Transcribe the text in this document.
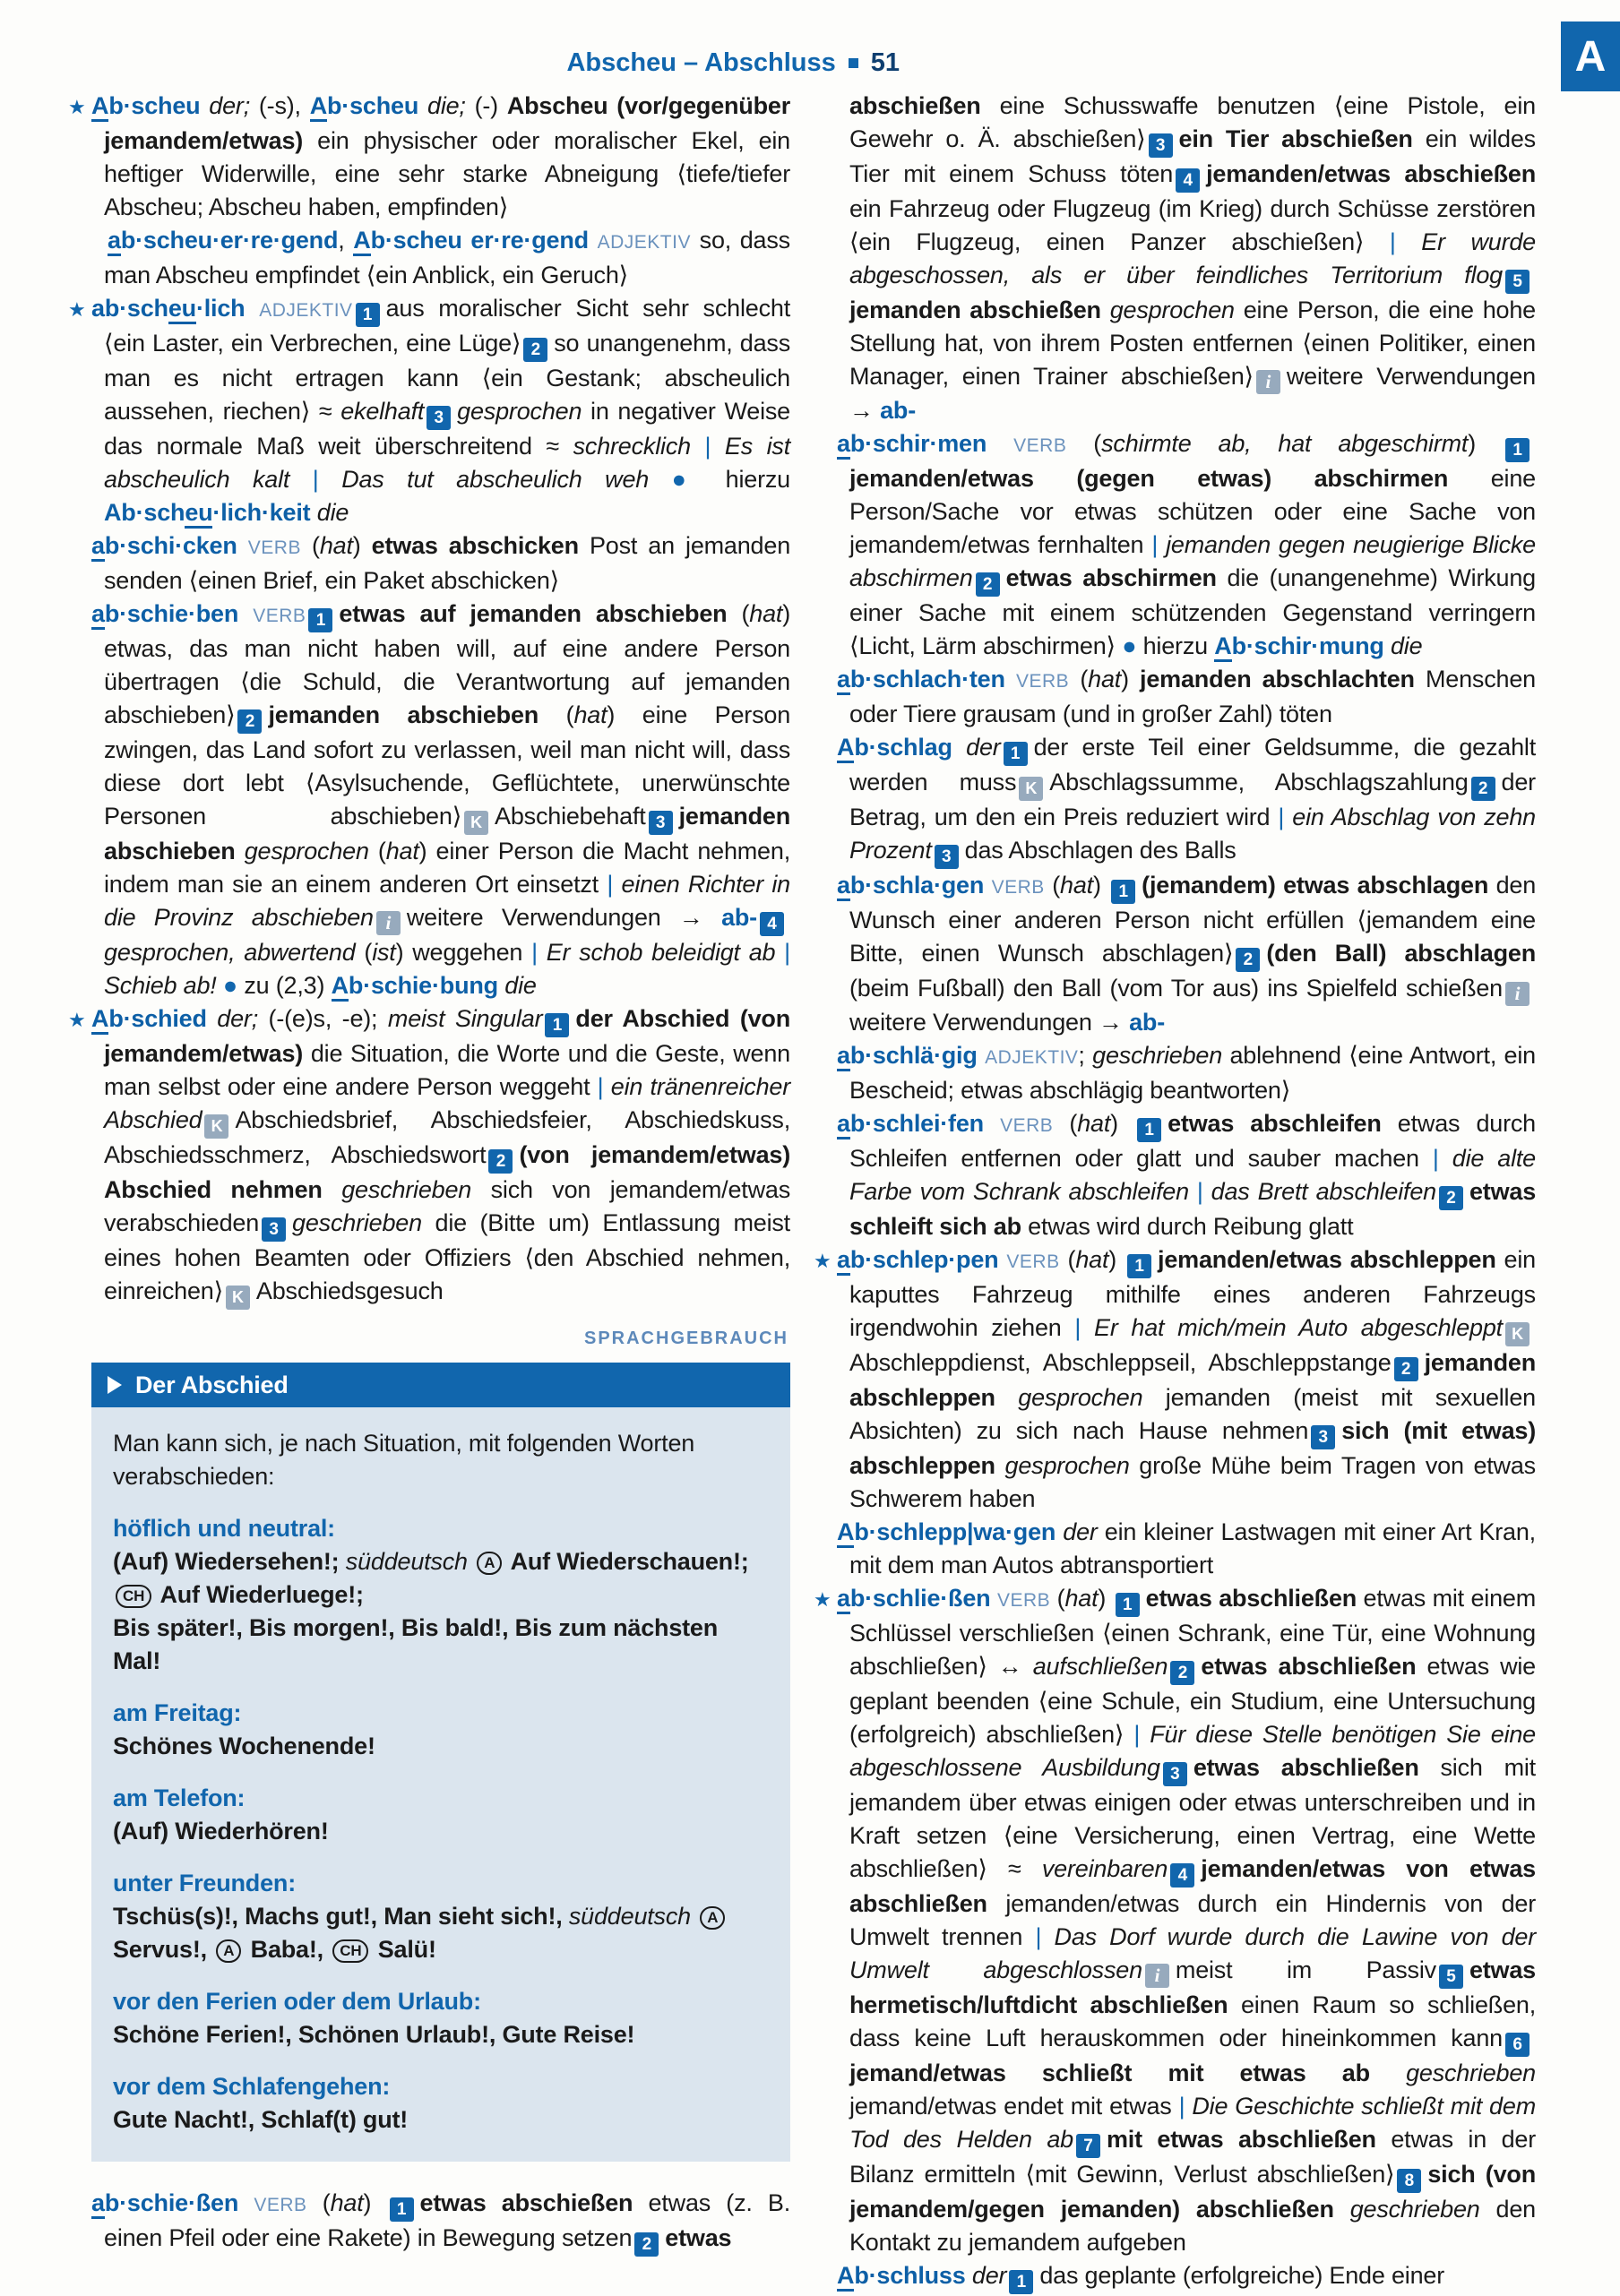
A
Abscheu – Abschluss 51

★ Ab·scheu der; (-s), Ab·scheu die; (-) Abscheu (vor/gegenüber jemandem/etwas) ein physischer oder moralischer Ekel, ein heftiger Widerwille, eine sehr starke Abneigung ⟨tiefe/tiefer Abscheu; Abscheu haben, empfinden⟩

ab·scheu·er·re·gend, Ab·scheu er·re·gend ADJEKTIV so, dass man Abscheu empfindet ⟨ein Anblick, ein Geruch⟩

★ ab·scheu·lich ADJEKTIV 1 aus moralischer Sicht sehr schlecht ⟨ein Laster, ein Verbrechen, eine Lüge⟩ 2 so unangenehm, dass man es nicht ertragen kann ⟨ein Gestank; abscheulich aussehen, riechen⟩ ≈ ekelhaft 3 gesprochen in negativer Weise das normale Maß weit überschreitend ≈ schrecklich | Es ist abscheulich kalt | Das tut abscheulich weh ● hierzu Ab·scheu·lich·keit die

ab·schi·cken VERB (hat) etwas abschicken Post an jemanden senden ⟨einen Brief, ein Paket abschicken⟩

ab·schie·ben VERB 1 etwas auf jemanden abschieben (hat) etwas, das man nicht haben will, auf eine andere Person übertragen ⟨die Schuld, die Verantwortung auf jemanden abschieben⟩ 2 jemanden abschieben (hat) eine Person zwingen, das Land sofort zu verlassen, weil man nicht will, dass diese dort lebt ⟨Asylsuchende, Geflüchtete, unerwünschte Personen abschieben⟩ K Abschiebehaft 3 jemanden abschieben gesprochen (hat) einer Person die Macht nehmen, indem man sie an einem anderen Ort einsetzt | einen Richter in die Provinz abschieben i weitere Verwendungen → ab- 4gesprochen, abwertend (ist) weggehen | Er schob beleidigt ab | Schieb ab! ● zu (2,3) Ab·schie·bung die

★ Ab·schied der; (-(e)s, -e); meist Singular 1 der Abschied (von jemandem/etwas) die Situation, die Worte und die Geste, wenn man selbst oder eine andere Person weggeht | ein tränenreicher Abschied K Abschiedsbrief, Abschiedsfeier, Abschiedskuss, Abschiedsschmerz, Abschiedswort 2 (von jemandem/etwas) Abschied nehmen geschrieben sich von jemandem/etwas verabschieden 3 geschrieben die (Bitte um) Entlassung meist eines hohen Beamten oder Offiziers ⟨den Abschied nehmen, einreichen⟩ K Abschiedsgesuch

SPRACHGEBRAUCH
Der Abschied

Man kann sich, je nach Situation, mit folgenden Worten verabschieden:

höflich und neutral:

(Auf) Wiedersehen!; süddeutsch A Auf Wiederschauen!; CH Auf Wiederluege!;

Bis später!, Bis morgen!, Bis bald!, Bis zum nächsten Mal!

am Freitag:

Schönes Wochenende!

am Telefon:

(Auf) Wiederhören!

unter Freunden:

Tschüs(s)!, Machs gut!, Man sieht sich!, süddeutsch A Servus!, A Baba!, CH Salü!

vor den Ferien oder dem Urlaub:

Schöne Ferien!, Schönen Urlaub!, Gute Reise!

vor dem Schlafengehen:

Gute Nacht!, Schlaf(t) gut!

ab·schie·ßen VERB (hat) 1 etwas abschießen etwas (z. B. einen Pfeil oder eine Rakete) in Bewegung setzen 2 etwas

abschießen eine Schusswaffe benutzen ⟨eine Pistole, ein Gewehr o. Ä. abschießen⟩ 3 ein Tier abschießen ein wildes Tier mit einem Schuss töten 4 jemanden/etwas abschießen ein Fahrzeug oder Flugzeug (im Krieg) durch Schüsse zerstören ⟨ein Flugzeug, einen Panzer abschießen⟩ | Er wurde abgeschossen, als er über feindliches Territorium flog 5jemanden abschießen gesprochen eine Person, die eine hohe Stellung hat, von ihrem Posten entfernen ⟨einen Politiker, einen Manager, einen Trainer abschießen⟩ i weitere Verwendungen → ab-

ab·schir·men VERB (schirmte ab, hat abgeschirmt) 1jemanden/etwas (gegen etwas) abschirmen eine Person/Sache vor etwas schützen oder eine Sache von jemandem/etwas fernhalten | jemanden gegen neugierige Blicke abschirmen 2 etwas abschirmen die (unangenehme) Wirkung einer Sache mit einem schützenden Gegenstand verringern ⟨Licht, Lärm abschirmen⟩ ● hierzu Ab·schir·mung die

ab·schlach·ten VERB (hat) jemanden abschlachten Menschen oder Tiere grausam (und in großer Zahl) töten

Ab·schlag der 1 der erste Teil einer Geldsumme, die gezahlt werden muss K Abschlagssumme, Abschlagszahlung 2 der Betrag, um den ein Preis reduziert wird | ein Abschlag von zehn Prozent 3 das Abschlagen des Balls

ab·schla·gen VERB (hat) 1 (jemandem) etwas abschlagen den Wunsch einer anderen Person nicht erfüllen ⟨jemandem eine Bitte, einen Wunsch abschlagen⟩ 2 (den Ball) abschlagen (beim Fußball) den Ball (vom Tor aus) ins Spielfeld schießen iweitere Verwendungen → ab-

ab·schlä·gig ADJEKTIV; geschrieben ablehnend ⟨eine Antwort, ein Bescheid; etwas abschlägig beantworten⟩

ab·schlei·fen VERB (hat) 1 etwas abschleifen etwas durch Schleifen entfernen oder glatt und sauber machen | die alte Farbe vom Schrank abschleifen | das Brett abschleifen 2 etwas schleift sich ab etwas wird durch Reibung glatt

★ ab·schlep·pen VERB (hat) 1 jemanden/etwas abschleppen ein kaputtes Fahrzeug mithilfe eines anderen Fahrzeugs irgendwohin ziehen | Er hat mich/mein Auto abgeschleppt KAbschleppdienst, Abschleppseil, Abschleppstange 2 jemanden abschleppen gesprochen jemanden (meist mit sexuellen Absichten) zu sich nach Hause nehmen 3 sich (mit etwas) abschleppen gesprochen große Mühe beim Tragen von etwas Schwerem haben

Ab·schlepp|wa·gen der ein kleiner Lastwagen mit einer Art Kran, mit dem man Autos abtransportiert

★ ab·schlie·ßen VERB (hat) 1 etwas abschließen etwas mit einem Schlüssel verschließen ⟨einen Schrank, eine Tür, eine Wohnung abschließen⟩ ↔ aufschließen 2 etwas abschließen etwas wie geplant beenden ⟨eine Schule, ein Studium, eine Untersuchung (erfolgreich) abschließen⟩ | Für diese Stelle benötigen Sie eine abgeschlossene Ausbildung 3 etwas abschließen sich mit jemandem über etwas einigen oder etwas unterschreiben und in Kraft setzen ⟨eine Versicherung, einen Vertrag, eine Wette abschließen⟩ ≈ vereinbaren 4 jemanden/etwas von etwas abschließen jemanden/etwas durch ein Hindernis von der Umwelt trennen | Das Dorf wurde durch die Lawine von der Umwelt abgeschlossen i meist im Passiv 5 etwas hermetisch/luftdicht abschließen einen Raum so schließen, dass keine Luft herauskommen oder hineinkommen kann 6jemand/etwas schließt mit etwas ab geschrieben jemand/etwas endet mit etwas | Die Geschichte schließt mit dem Tod des Helden ab 7 mit etwas abschließen etwas in der Bilanz ermitteln ⟨mit Gewinn, Verlust abschließen⟩ 8 sich (von jemandem/gegen jemanden) abschließen geschrieben den Kontakt zu jemandem aufgeben

Ab·schluss der 1 das geplante (erfolgreiche) Ende einer
